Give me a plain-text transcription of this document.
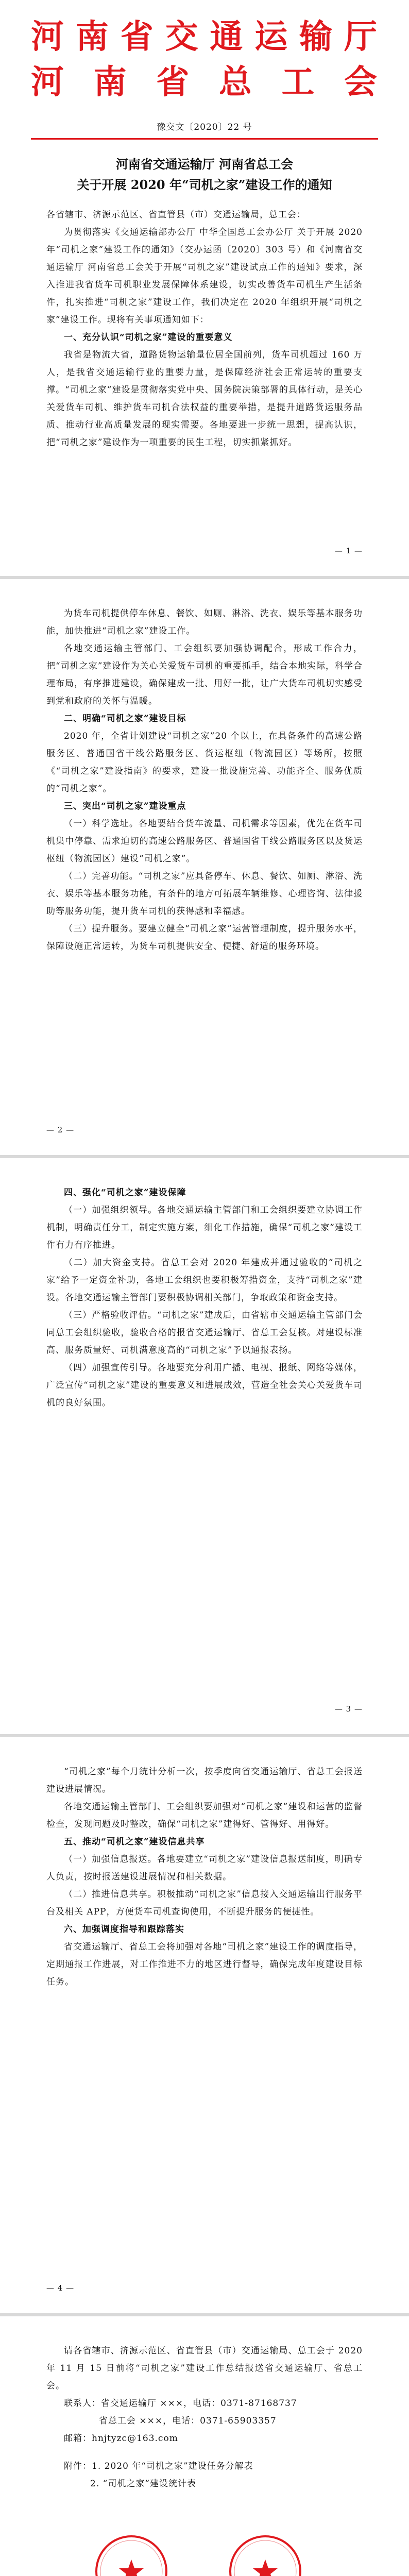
河南省交通运输厅
河南省总工会
豫交文〔2020〕22 号
河南省交通运输厅 河南省总工会
关于开展 2020 年“司机之家”建设工作的通知

各省辖市、济源示范区、省直管县（市）交通运输局，总工会：

为贯彻落实《交通运输部办公厅 中华全国总工会办公厅 关于开展 2020 年“司机之家”建设工作的通知》（交办运函〔2020〕303 号）和《河南省交通运输厅 河南省总工会关于开展“司机之家”建设试点工作的通知》要求，深入推进我省货车司机职业发展保障体系建设，切实改善货车司机生产生活条件，扎实推进“司机之家”建设工作，我们决定在 2020 年组织开展“司机之家”建设工作。现将有关事项通知如下：

一、充分认识“司机之家”建设的重要意义

我省是物流大省，道路货物运输量位居全国前列，货车司机超过 160 万人，是我省交通运输行业的重要力量，是保障经济社会正常运转的重要支撑。“司机之家”建设是贯彻落实党中央、国务院决策部署的具体行动，是关心关爱货车司机、维护货车司机合法权益的重要举措，是提升道路货运服务品质、推动行业高质量发展的现实需要。各地要进一步统一思想，提高认识，把“司机之家”建设作为一项重要的民生工程，切实抓紧抓好。

— 1 —

为货车司机提供停车休息、餐饮、如厕、淋浴、洗衣、娱乐等基本服务功能，加快推进“司机之家”建设工作。

各地交通运输主管部门、工会组织要加强协调配合，形成工作合力，把“司机之家”建设作为关心关爱货车司机的重要抓手，结合本地实际，科学合理布局，有序推进建设，确保建成一批、用好一批，让广大货车司机切实感受到党和政府的关怀与温暖。

二、明确“司机之家”建设目标

2020 年，全省计划建设“司机之家”20 个以上，在具备条件的高速公路服务区、普通国省干线公路服务区、货运枢纽（物流园区）等场所，按照《“司机之家”建设指南》的要求，建设一批设施完善、功能齐全、服务优质的“司机之家”。

三、突出“司机之家”建设重点

（一）科学选址。各地要结合货车流量、司机需求等因素，优先在货车司机集中停靠、需求迫切的高速公路服务区、普通国省干线公路服务区以及货运枢纽（物流园区）建设“司机之家”。

（二）完善功能。“司机之家”应具备停车、休息、餐饮、如厕、淋浴、洗衣、娱乐等基本服务功能，有条件的地方可拓展车辆维修、心理咨询、法律援助等服务功能，提升货车司机的获得感和幸福感。

（三）提升服务。要建立健全“司机之家”运营管理制度，提升服务水平，保障设施正常运转，为货车司机提供安全、便捷、舒适的服务环境。

— 2 —
四、强化“司机之家”建设保障

（一）加强组织领导。各地交通运输主管部门和工会组织要建立协调工作机制，明确责任分工，制定实施方案，细化工作措施，确保“司机之家”建设工作有力有序推进。

（二）加大资金支持。省总工会对 2020 年建成并通过验收的“司机之家”给予一定资金补助，各地工会组织也要积极筹措资金，支持“司机之家”建设。各地交通运输主管部门要积极协调相关部门，争取政策和资金支持。

（三）严格验收评估。“司机之家”建成后，由省辖市交通运输主管部门会同总工会组织验收，验收合格的报省交通运输厅、省总工会复核。对建设标准高、服务质量好、司机满意度高的“司机之家”予以通报表扬。

（四）加强宣传引导。各地要充分利用广播、电视、报纸、网络等媒体，广泛宣传“司机之家”建设的重要意义和进展成效，营造全社会关心关爱货车司机的良好氛围。

— 3 —

“司机之家”每个月统计分析一次，按季度向省交通运输厅、省总工会报送建设进展情况。

各地交通运输主管部门、工会组织要加强对“司机之家”建设和运营的监督检查，发现问题及时整改，确保“司机之家”建得好、管得好、用得好。

五、推动“司机之家”建设信息共享

（一）加强信息报送。各地要建立“司机之家”建设信息报送制度，明确专人负责，按时报送建设进展情况和相关数据。

（二）推进信息共享。积极推动“司机之家”信息接入交通运输出行服务平台及相关 APP，方便货车司机查询使用，不断提升服务的便捷性。

六、加强调度指导和跟踪落实

省交通运输厅、省总工会将加强对各地“司机之家”建设工作的调度指导，定期通报工作进展，对工作推进不力的地区进行督导，确保完成年度建设目标任务。

— 4 —

请各省辖市、济源示范区、省直管县（市）交通运输局、总工会于 2020 年 11 月 15 日前将“司机之家”建设工作总结报送省交通运输厅、省总工会。

联系人：省交通运输厅 ×××，电话：0371-87168737

省总工会 ×××，电话：0371-65903357

邮箱：hnjtyzc@163.com

附件：1. 2020 年“司机之家”建设任务分解表

2. “司机之家”建设统计表
